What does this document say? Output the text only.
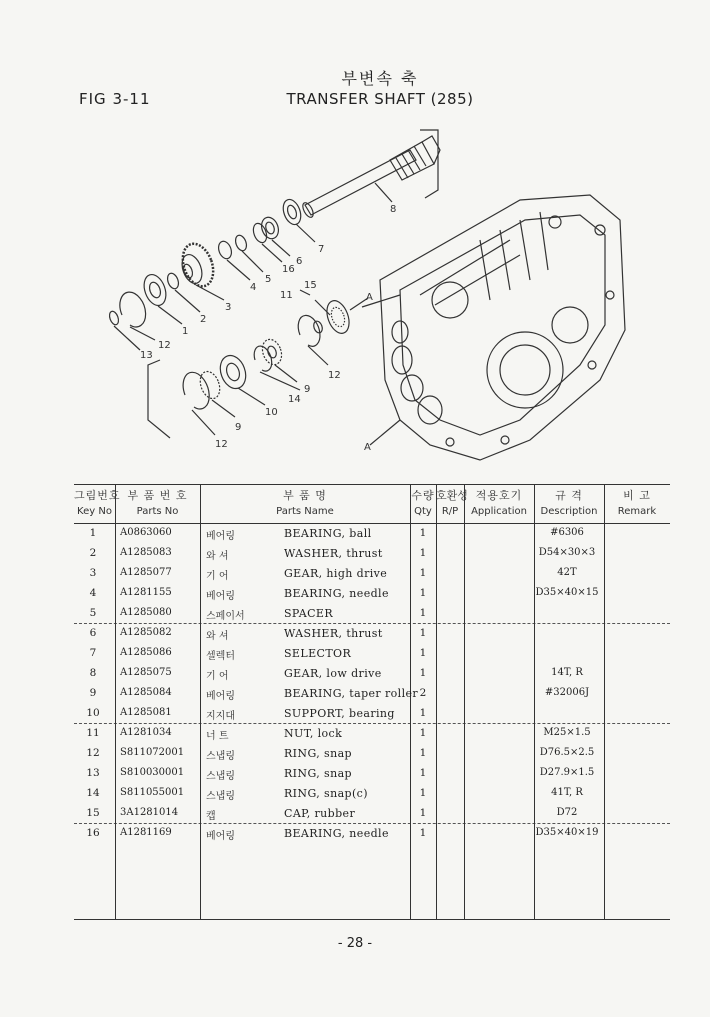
FIG 3-11
부변속 축
TRANSFER SHAFT (285)
8
7
6
16
5
4
3
2
1
12
13
15
11	A
12
9
14
10
9
12	A
그림번호
Key No
부 품 번 호
Parts No
부 품 명
Parts Name
수량
Qty
호환성
R/P
적용호기
Application
규 격
Description
비 고
Remark
1	A0863060	베어링	BEARING, ball	1	#6306
2	A1285083	와 셔	WASHER, thrust	1	D54×30×3
3	A1285077	기 어	GEAR, high drive	1	42T
4	A1281155	베어링	BEARING, needle	1	D35×40×15
5	A1285080	스페이서	SPACER	1
6	A1285082	와 셔	WASHER, thrust	1
7	A1285086	셀렉터	SELECTOR	1
8	A1285075	기 어	GEAR, low drive	1	14T, R
9	A1285084	베어링	BEARING, taper roller 2	#32006J
10	A1285081	지지대	SUPPORT, bearing	1
11	A1281034	너 트	NUT, lock	1	M25×1.5
12	S811072001 스냅링	RING, snap	1	D76.5×2.5
13	S810030001 스냅링	RING, snap	1	D27.9×1.5
14	S811055001 스냅링	RING, snap(c)	1	41T, R
15	3A1281014	캡	CAP, rubber	1	D72
16	A1281169	베어링	BEARING, needle	1	D35×40×19
- 28 -
